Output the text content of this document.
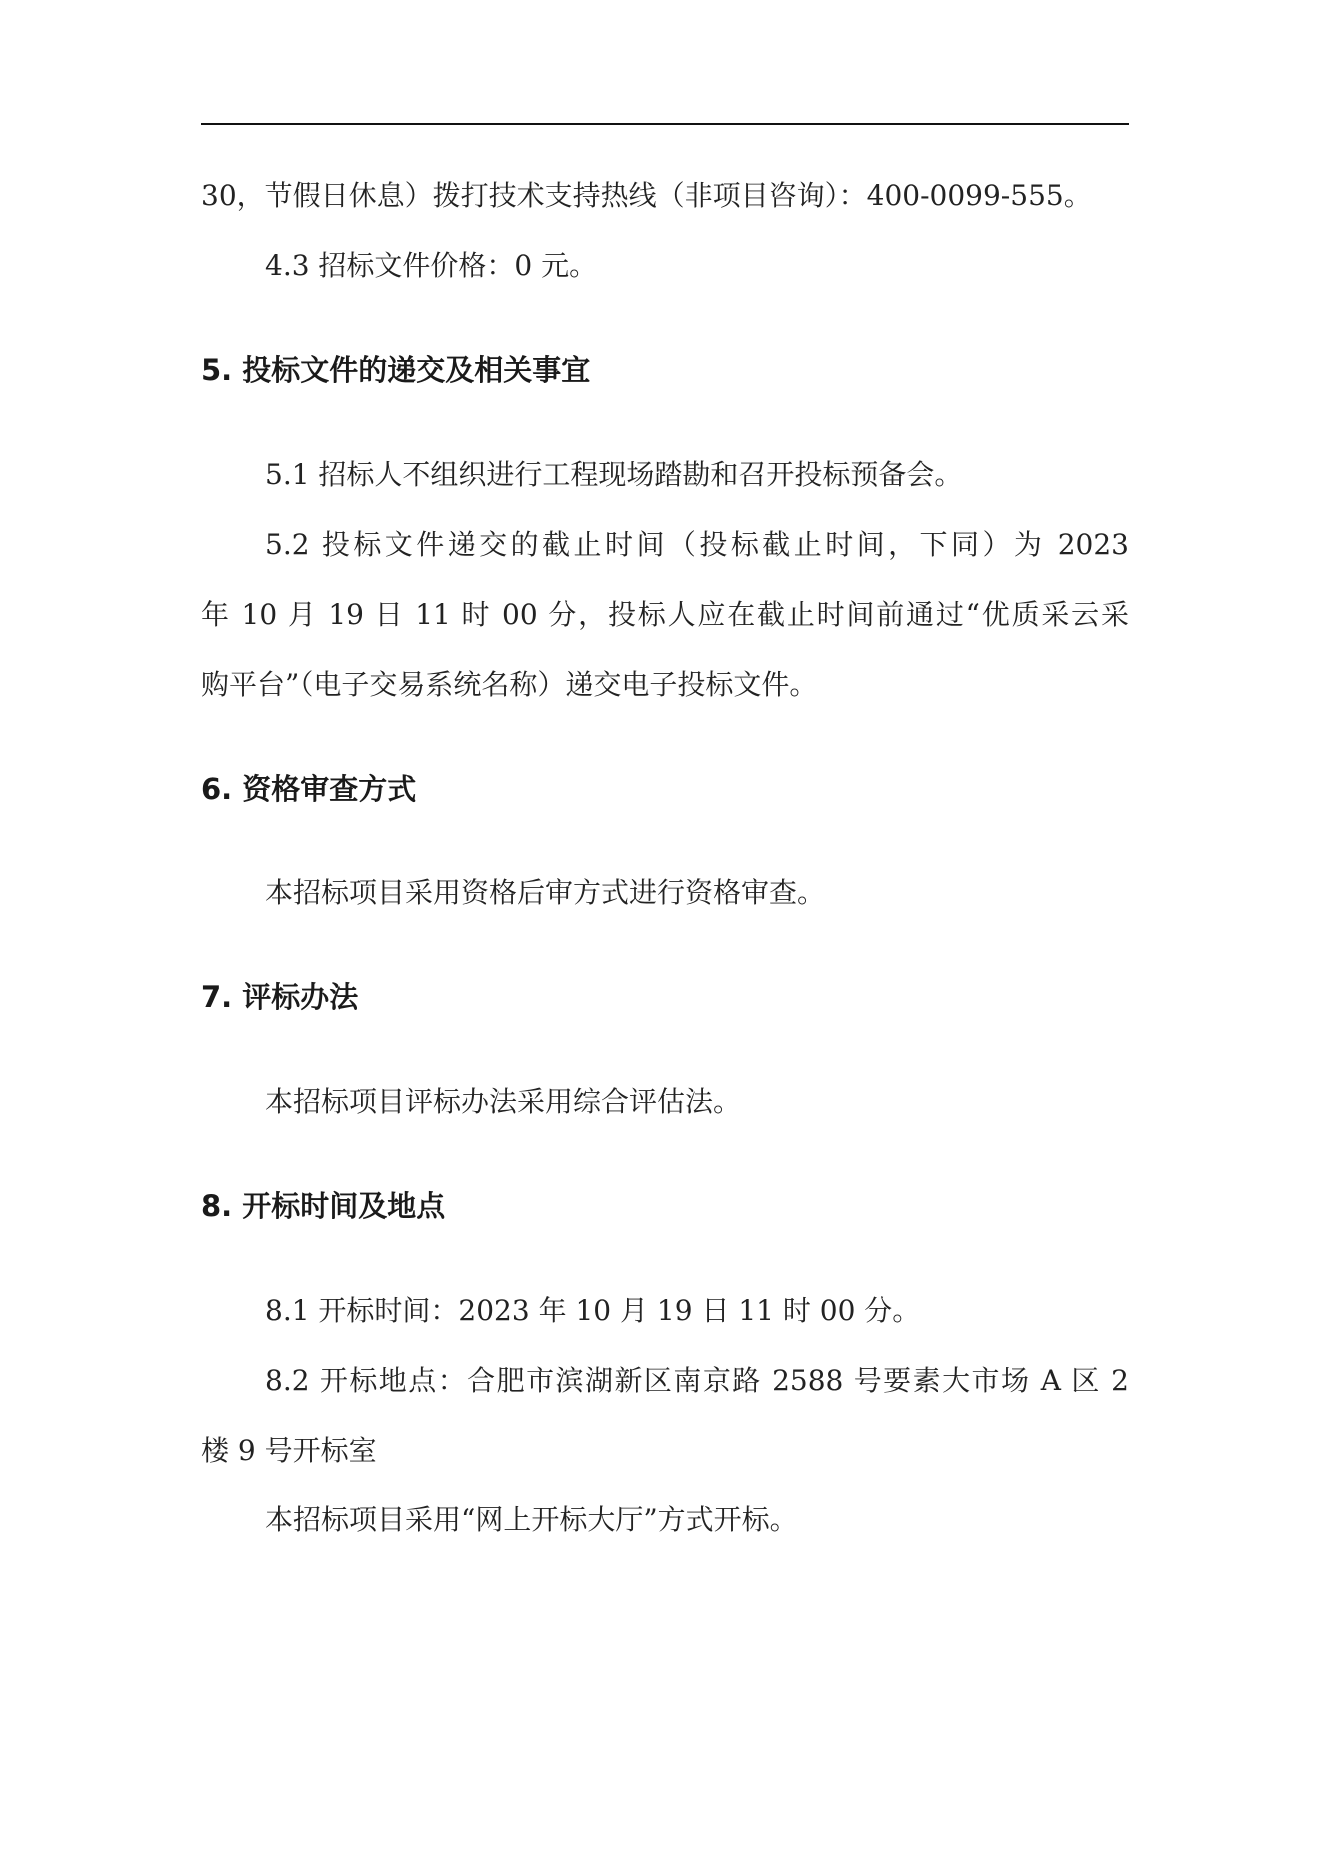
30，节假日休息）拨打技术支持热线（非项目咨询）：400-0099-555。
4.3 招标文件价格：0 元。
5. 投标文件的递交及相关事宜
5.1 招标人不组织进行工程现场踏勘和召开投标预备会。
5.2 投标文件递交的截止时间（投标截止时间，下同）为 2023
年 10 月 19 日 11 时 00 分，投标人应在截止时间前通过“优质采云采
购平台”（电子交易系统名称）递交电子投标文件。
6. 资格审查方式
本招标项目采用资格后审方式进行资格审查。
7. 评标办法
本招标项目评标办法采用综合评估法。
8. 开标时间及地点
8.1 开标时间：2023 年 10 月 19 日 11 时 00 分。
8.2 开标地点：合肥市滨湖新区南京路 2588 号要素大市场 A 区 2
楼 9 号开标室
本招标项目采用“网上开标大厅”方式开标。
